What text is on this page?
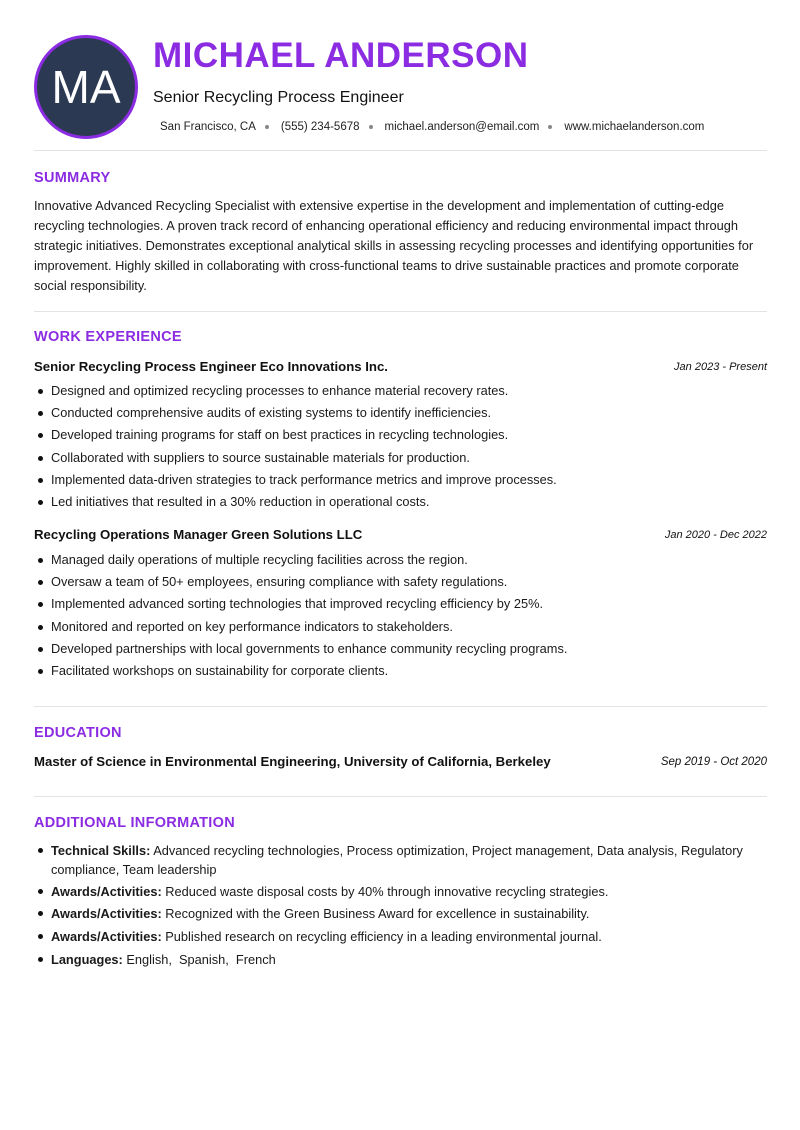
MA
MICHAEL ANDERSON
Senior Recycling Process Engineer
San Francisco, CA (555) 234-5678 michael.anderson@email.com www.michaelanderson.com
SUMMARY
Innovative Advanced Recycling Specialist with extensive expertise in the development and implementation of cutting-edge recycling technologies. A proven track record of enhancing operational efficiency and reducing environmental impact through strategic initiatives. Demonstrates exceptional analytical skills in assessing recycling processes and identifying opportunities for improvement. Highly skilled in collaborating with cross-functional teams to drive sustainable practices and promote corporate social responsibility.
WORK EXPERIENCE
Senior Recycling Process Engineer Eco Innovations Inc.	Jan 2023 - Present
Designed and optimized recycling processes to enhance material recovery rates.
Conducted comprehensive audits of existing systems to identify inefficiencies.
Developed training programs for staff on best practices in recycling technologies.
Collaborated with suppliers to source sustainable materials for production.
Implemented data-driven strategies to track performance metrics and improve processes.
Led initiatives that resulted in a 30% reduction in operational costs.
Recycling Operations Manager Green Solutions LLC	Jan 2020 - Dec 2022
Managed daily operations of multiple recycling facilities across the region.
Oversaw a team of 50+ employees, ensuring compliance with safety regulations.
Implemented advanced sorting technologies that improved recycling efficiency by 25%.
Monitored and reported on key performance indicators to stakeholders.
Developed partnerships with local governments to enhance community recycling programs.
Facilitated workshops on sustainability for corporate clients.
EDUCATION
Master of Science in Environmental Engineering, University of California, Berkeley	Sep 2019 - Oct 2020
ADDITIONAL INFORMATION
Technical Skills: Advanced recycling technologies, Process optimization, Project management, Data analysis, Regulatory compliance, Team leadership
Awards/Activities: Reduced waste disposal costs by 40% through innovative recycling strategies.
Awards/Activities: Recognized with the Green Business Award for excellence in sustainability.
Awards/Activities: Published research on recycling efficiency in a leading environmental journal.
Languages: English,  Spanish,  French
